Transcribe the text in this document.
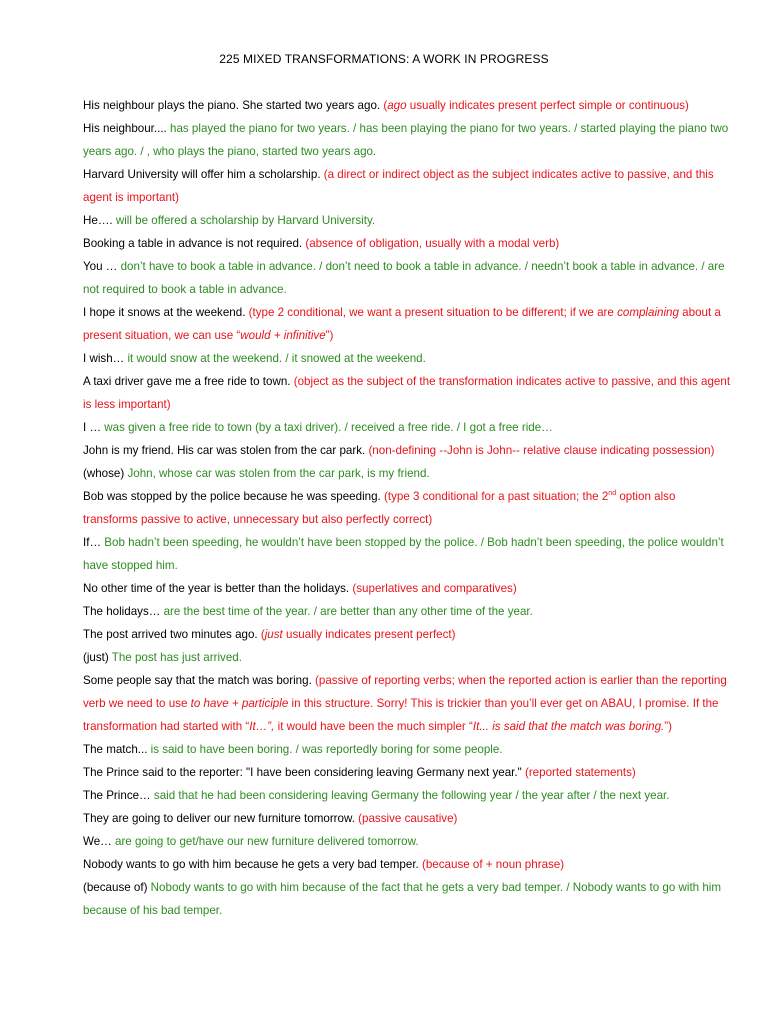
225 MIXED TRANSFORMATIONS: A WORK IN PROGRESS

His neighbour plays the piano. She started two years ago. (ago usually indicates present perfect simple or continuous)

His neighbour.... has played the piano for two years. / has been playing the piano for two years. / started playing the piano two years ago. / , who plays the piano, started two years ago.

Harvard University will offer him a scholarship. (a direct or indirect object as the subject indicates active to passive, and this agent is important)

He…. will be offered a scholarship by Harvard University.

Booking a table in advance is not required. (absence of obligation, usually with a modal verb)

You … don’t have to book a table in advance. / don’t need to book a table in advance. / needn’t book a table in advance. / are not required to book a table in advance.

I hope it snows at the weekend. (type 2 conditional, we want a present situation to be different; if we are complaining about a present situation, we can use “would + infinitive”)

I wish… it would snow at the weekend. / it snowed at the weekend.

A taxi driver gave me a free ride to town. (object as the subject of the transformation indicates active to passive, and this agent is less important)

I … was given a free ride to town (by a taxi driver). / received a free ride. / I got a free ride…

John is my friend. His car was stolen from the car park. (non-defining --John is John-- relative clause indicating possession)

(whose) John, whose car was stolen from the car park, is my friend.

Bob was stopped by the police because he was speeding. (type 3 conditional for a past situation; the 2nd option also transforms passive to active, unnecessary but also perfectly correct)

If… Bob hadn’t been speeding, he wouldn’t have been stopped by the police. / Bob hadn’t been speeding, the police wouldn’t have stopped him.

No other time of the year is better than the holidays. (superlatives and comparatives)

The holidays… are the best time of the year. / are better than any other time of the year.

The post arrived two minutes ago. (just usually indicates present perfect)

(just) The post has just arrived.

Some people say that the match was boring. (passive of reporting verbs; when the reported action is earlier than the reporting verb we need to use to have + participle in this structure. Sorry! This is trickier than you’ll ever get on ABAU, I promise. If the transformation had started with “It…”, it would have been the much simpler “It... is said that the match was boring.”)

The match... is said to have been boring. / was reportedly boring for some people.

The Prince said to the reporter: "I have been considering leaving Germany next year." (reported statements)

The Prince… said that he had been considering leaving Germany the following year / the year after / the next year.

They are going to deliver our new furniture tomorrow. (passive causative)

We… are going to get/have our new furniture delivered tomorrow.

Nobody wants to go with him because he gets a very bad temper. (because of + noun phrase)

(because of) Nobody wants to go with him because of the fact that he gets a very bad temper. / Nobody wants to go with him because of his bad temper.
